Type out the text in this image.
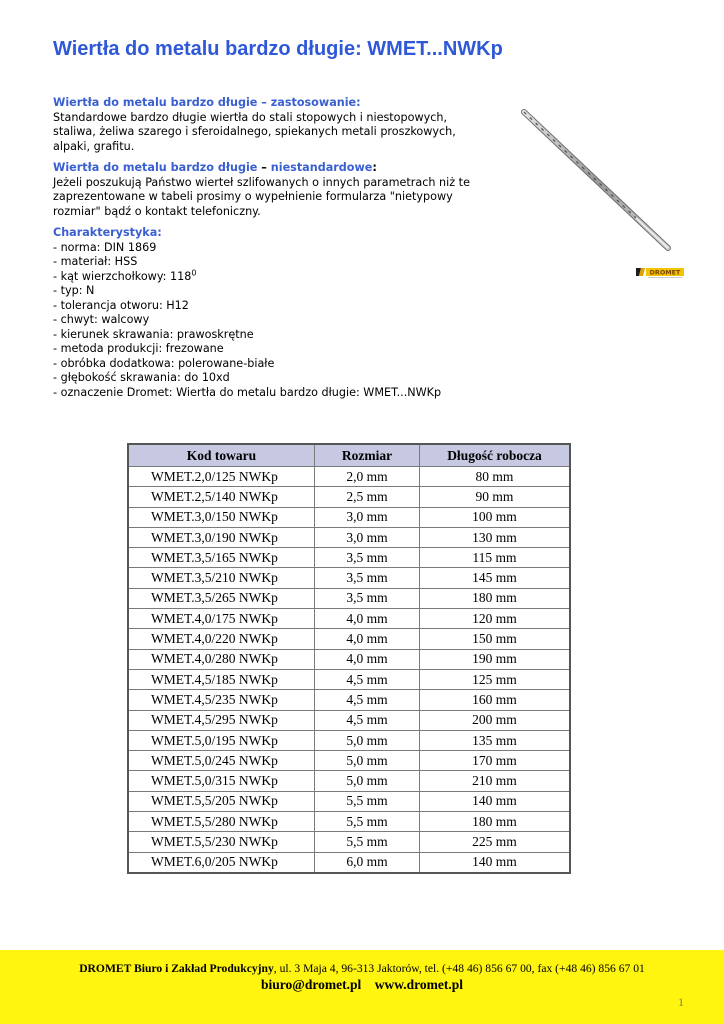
Wiertła do metalu bardzo długie: WMET...NWKp
Wiertła do metalu bardzo długie – zastosowanie:

Standardowe bardzo długie wiertła do stali stopowych i niestopowych, staliwa, żeliwa szarego i sferoidalnego, spiekanych metali proszkowych, alpaki, grafitu.

Wiertła do metalu bardzo długie – niestandardowe:

Jeżeli poszukują Państwo wierteł szlifowanych o innych parametrach niż te zaprezentowane w tabeli prosimy o wypełnienie formularza "nietypowy rozmiar" bądź o kontakt telefoniczny.

Charakterystyka:
- norma: DIN 1869
- materiał: HSS
- kąt wierzchołkowy: $118^0$
- typ: N
- tolerancja otworu: H12
- chwyt: walcowy
- kierunek skrawania: prawoskrętne
- metoda produkcji: frezowane
- obróbka dodatkowa: polerowane-białe
- głębokość skrawania: do 10xd
- oznaczenie Dromet: Wiertła do metalu bardzo długie: WMET...NWKp
DROMET
Kod towaru	Rozmiar	Długość robocza
WMET.2,0/125 NWKp	2,0 mm	80 mm
WMET.2,5/140 NWKp	2,5 mm	90 mm
WMET.3,0/150 NWKp	3,0 mm	100 mm
WMET.3,0/190 NWKp	3,0 mm	130 mm
WMET.3,5/165 NWKp	3,5 mm	115 mm
WMET.3,5/210 NWKp	3,5 mm	145 mm
WMET.3,5/265 NWKp	3,5 mm	180 mm
WMET.4,0/175 NWKp	4,0 mm	120 mm
WMET.4,0/220 NWKp	4,0 mm	150 mm
WMET.4,0/280 NWKp	4,0 mm	190 mm
WMET.4,5/185 NWKp	4,5 mm	125 mm
WMET.4,5/235 NWKp	4,5 mm	160 mm
WMET.4,5/295 NWKp	4,5 mm	200 mm
WMET.5,0/195 NWKp	5,0 mm	135 mm
WMET.5,0/245 NWKp	5,0 mm	170 mm
WMET.5,0/315 NWKp	5,0 mm	210 mm
WMET.5,5/205 NWKp	5,5 mm	140 mm
WMET.5,5/280 NWKp	5,5 mm	180 mm
WMET.5,5/230 NWKp	5,5 mm	225 mm
WMET.6,0/205 NWKp	6,0 mm	140 mm
DROMET Biuro i Zakład Produkcyjny, ul. 3 Maja 4, 96-313 Jaktorów, tel. (+48 46) 856 67 00, fax (+48 46) 856 67 01
biuro@dromet.pl www.dromet.pl
1
